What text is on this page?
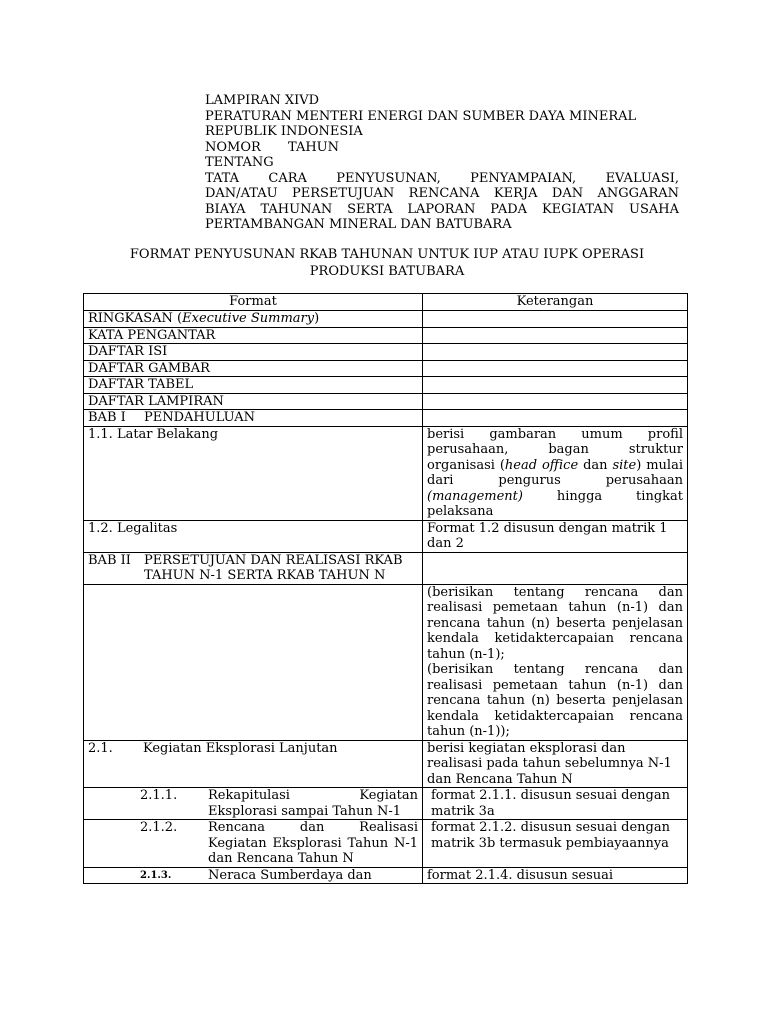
LAMPIRAN XIVD
PERATURAN MENTERI ENERGI DAN SUMBER DAYA MINERAL
REPUBLIK INDONESIA
NOMOR TAHUN
TENTANG
TATA CARA PENYUSUNAN, PENYAMPAIAN, EVALUASI,
DAN/ATAU PERSETUJUAN RENCANA KERJA DAN ANGGARAN
BIAYA TAHUNAN SERTA LAPORAN PADA KEGIATAN USAHA
PERTAMBANGAN MINERAL DAN BATUBARA
FORMAT PENYUSUNAN RKAB TAHUNAN UNTUK IUP ATAU IUPK OPERASI
PRODUKSI BATUBARA
Format	Keterangan
RINGKASAN (Executive Summary)	
KATA PENGANTAR	
DAFTAR ISI	
DAFTAR GAMBAR	
DAFTAR TABEL	
DAFTAR LAMPIRAN	
BAB I PENDAHULUAN	
1.1. Latar Belakang	berisi gambaran umum profil perusahaan, bagan struktur organisasi (head office dan site) mulai dari pengurus perusahaan (management) hingga tingkat pelaksana
1.2. Legalitas	Format 1.2 disusun dengan matrik 1 dan 2

BAB II PERSETUJUAN DAN REALISASI RKAB TAHUN N-1 SERTA RKAB TAHUN N	

	(berisikan tentang rencana dan realisasi pemetaan tahun (n-1) dan rencana tahun (n) beserta penjelasan kendala ketidaktercapaian rencana tahun (n-1);
(berisikan tentang rencana dan realisasi pemetaan tahun (n-1) dan rencana tahun (n) beserta penjelasan kendala ketidaktercapaian rencana tahun (n-1));

2.1. Kegiatan Eksplorasi Lanjutan	berisi kegiatan eksplorasi dan realisasi pada tahun sebelumnya N-1 dan Rencana Tahun N

2.1.1. Rekapitulasi Kegiatan Eksplorasi sampai Tahun N-1	format 2.1.1. disusun sesuai dengan matrik 3a

2.1.2. Rencana dan Realisasi Kegiatan Eksplorasi Tahun N-1 dan Rencana Tahun N	format 2.1.2. disusun sesuai dengan matrik 3b termasuk pembiayaannya

2.1.3. Neraca Sumberdaya dan	format 2.1.4. disusun sesuai
